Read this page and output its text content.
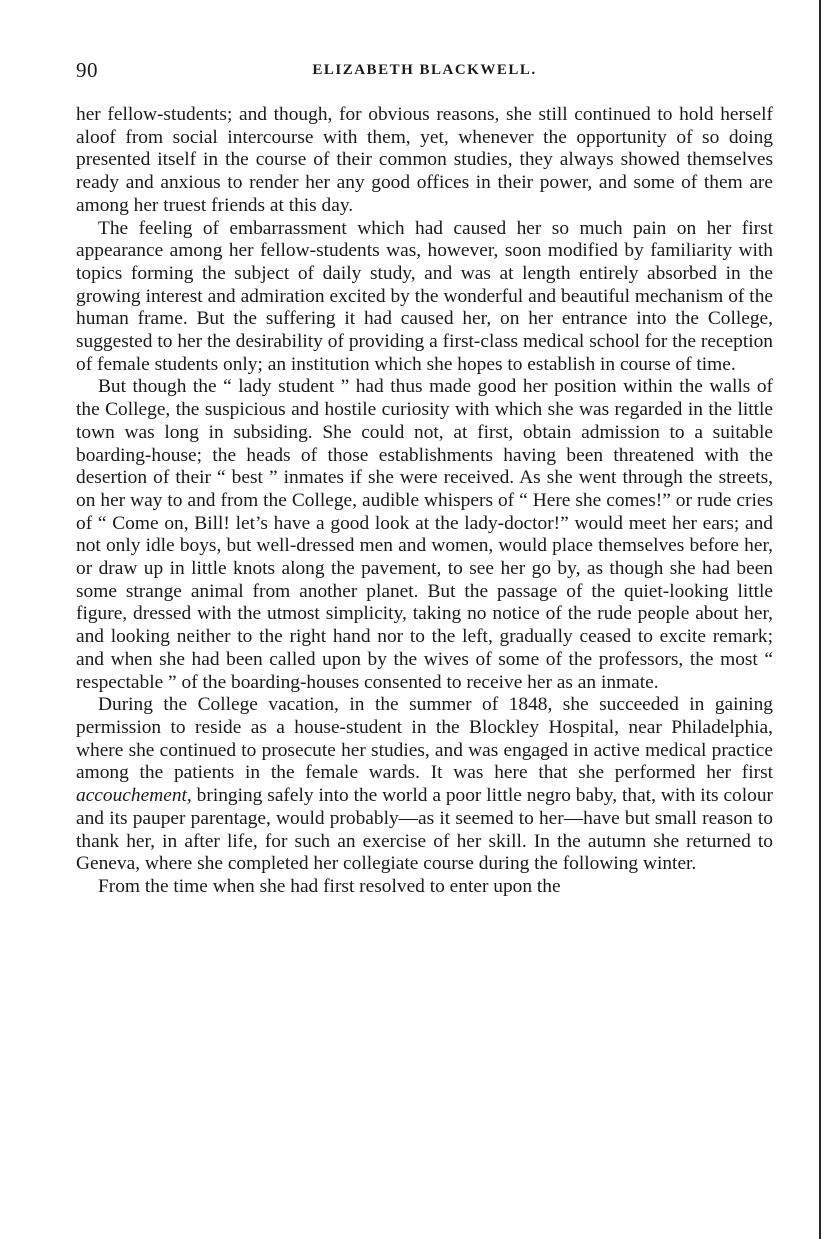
90	ELIZABETH BLACKWELL.

her fellow-students; and though, for obvious reasons, she still continued to hold herself aloof from social intercourse with them, yet, whenever the opportunity of so doing presented itself in the course of their common studies, they always showed themselves ready and anxious to render her any good offices in their power, and some of them are among her truest friends at this day.

The feeling of embarrassment which had caused her so much pain on her first appearance among her fellow-students was, however, soon modified by familiarity with topics forming the subject of daily study, and was at length entirely absorbed in the growing interest and admiration excited by the wonderful and beautiful mechanism of the human frame. But the suffering it had caused her, on her entrance into the College, suggested to her the desirability of providing a first-class medical school for the reception of female students only; an institution which she hopes to establish in course of time.

But though the “ lady student ” had thus made good her position within the walls of the College, the suspicious and hostile curiosity with which she was regarded in the little town was long in subsiding. She could not, at first, obtain admission to a suitable boarding-house; the heads of those establishments having been threatened with the desertion of their “ best ” inmates if she were received. As she went through the streets, on her way to and from the College, audible whispers of “ Here she comes!” or rude cries of “ Come on, Bill! let’s have a good look at the lady-doctor!” would meet her ears; and not only idle boys, but well-dressed men and women, would place themselves before her, or draw up in little knots along the pavement, to see her go by, as though she had been some strange animal from another planet. But the passage of the quiet-looking little figure, dressed with the utmost simplicity, taking no notice of the rude people about her, and looking neither to the right hand nor to the left, gradually ceased to excite remark; and when she had been called upon by the wives of some of the professors, the most “ respectable ” of the boarding-houses consented to receive her as an inmate.

During the College vacation, in the summer of 1848, she succeeded in gaining permission to reside as a house-student in the Blockley Hospital, near Philadelphia, where she continued to prosecute her studies, and was engaged in active medical practice among the patients in the female wards. It was here that she performed her first accouchement, bringing safely into the world a poor little negro baby, that, with its colour and its pauper parentage, would probably—as it seemed to her—have but small reason to thank her, in after life, for such an exercise of her skill. In the autumn she returned to Geneva, where she completed her collegiate course during the following winter.

From the time when she had first resolved to enter upon the
